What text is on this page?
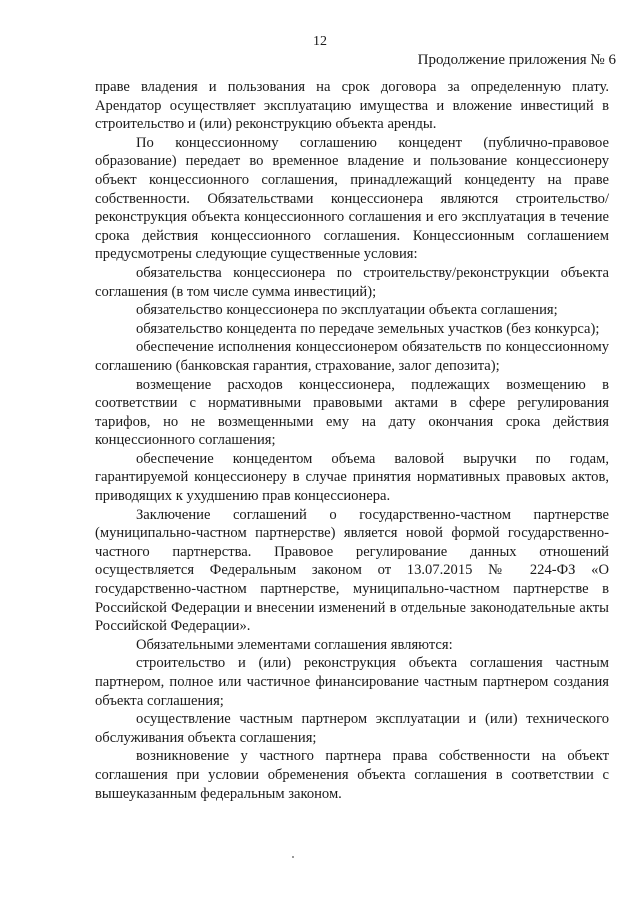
12
Продолжение приложения № 6

праве владения и пользования на срок договора за определенную плату. Арендатор осуществляет эксплуатацию имущества и вложение инвестиций в строительство и (или) реконструкцию объекта аренды.

По концессионному соглашению концедент (публично-правовое образование) передает во временное владение и пользование концессионеру объект концессионного соглашения, принадлежащий концеденту на праве собственности. Обязательствами концессионера являются строительство/реконструкция объекта концессионного соглашения и его эксплуатация в течение срока действия концессионного соглашения. Концессионным соглашением предусмотрены следующие существенные условия:

обязательства концессионера по строительству/реконструкции объекта соглашения (в том числе сумма инвестиций);

обязательство концессионера по эксплуатации объекта соглашения;

обязательство концедента по передаче земельных участков (без конкурса);

обеспечение исполнения концессионером обязательств по концессионному соглашению (банковская гарантия, страхование, залог депозита);

возмещение расходов концессионера, подлежащих возмещению в соответствии с нормативными правовыми актами в сфере регулирования тарифов, но не возмещенными ему на дату окончания срока действия концессионного соглашения;

обеспечение концедентом объема валовой выручки по годам, гарантируемой концессионеру в случае принятия нормативных правовых актов, приводящих к ухудшению прав концессионера.

Заключение соглашений о государственно-частном партнерстве (муниципально-частном партнерстве) является новой формой государственно-частного партнерства. Правовое регулирование данных отношений осуществляется Федеральным законом от 13.07.2015 № 224-ФЗ «О государственно-частном партнерстве, муниципально-частном партнерстве в Российской Федерации и внесении изменений в отдельные законодательные акты Российской Федерации».

Обязательными элементами соглашения являются:

строительство и (или) реконструкция объекта соглашения частным партнером, полное или частичное финансирование частным партнером создания объекта соглашения;

осуществление частным партнером эксплуатации и (или) технического обслуживания объекта соглашения;

возникновение у частного партнера права собственности на объект соглашения при условии обременения объекта соглашения в соответствии с вышеуказанным федеральным законом.
